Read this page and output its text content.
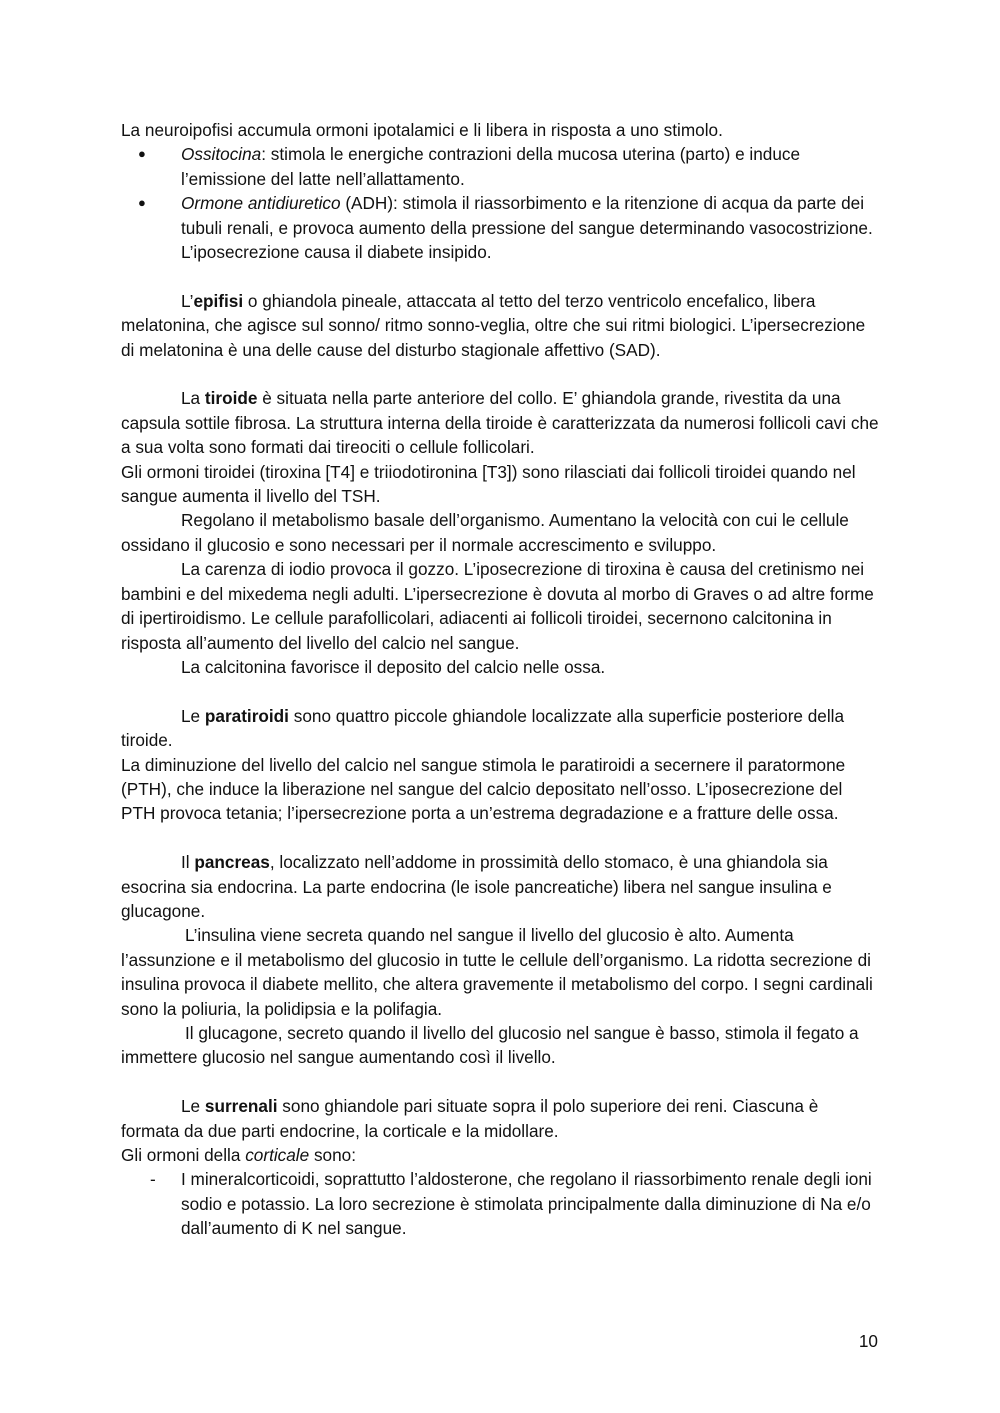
La neuroipofisi accumula ormoni ipotalamici e li libera in risposta a uno stimolo.

● Ossitocina: stimola le energiche contrazioni della mucosa uterina (parto) e induce l’emissione del latte nell’allattamento.
● Ormone antidiuretico (ADH): stimola il riassorbimento e la ritenzione di acqua da parte dei tubuli renali, e provoca aumento della pressione del sangue determinando vasocostrizione. L’iposecrezione causa il diabete insipido.

L’epifisi o ghiandola pineale, attaccata al tetto del terzo ventricolo encefalico, libera melatonina, che agisce sul sonno/ ritmo sonno-veglia, oltre che sui ritmi biologici. L’ipersecrezione di melatonina è una delle cause del disturbo stagionale affettivo (SAD).

La tiroide è situata nella parte anteriore del collo. E’ ghiandola grande, rivestita da una capsula sottile fibrosa. La struttura interna della tiroide è caratterizzata da numerosi follicoli cavi che a sua volta sono formati dai tireociti o cellule follicolari.

Gli ormoni tiroidei (tiroxina [T4] e triiodotironina [T3]) sono rilasciati dai follicoli tiroidei quando nel sangue aumenta il livello del TSH.

Regolano il metabolismo basale dell’organismo. Aumentano la velocità con cui le cellule ossidano il glucosio e sono necessari per il normale accrescimento e sviluppo.

La carenza di iodio provoca il gozzo. L’iposecrezione di tiroxina è causa del cretinismo nei bambini e del mixedema negli adulti. L’ipersecrezione è dovuta al morbo di Graves o ad altre forme di ipertiroidismo. Le cellule parafollicolari, adiacenti ai follicoli tiroidei, secernono calcitonina in risposta all’aumento del livello del calcio nel sangue.

La calcitonina favorisce il deposito del calcio nelle ossa.

Le paratiroidi sono quattro piccole ghiandole localizzate alla superficie posteriore della tiroide.

La diminuzione del livello del calcio nel sangue stimola le paratiroidi a secernere il paratormone (PTH), che induce la liberazione nel sangue del calcio depositato nell’osso. L’iposecrezione del PTH provoca tetania; l’ipersecrezione porta a un’estrema degradazione e a fratture delle ossa.

Il pancreas, localizzato nell’addome in prossimità dello stomaco, è una ghiandola sia esocrina sia endocrina. La parte endocrina (le isole pancreatiche) libera nel sangue insulina e glucagone.

L’insulina viene secreta quando nel sangue il livello del glucosio è alto. Aumenta l’assunzione e il metabolismo del glucosio in tutte le cellule dell’organismo. La ridotta secrezione di insulina provoca il diabete mellito, che altera gravemente il metabolismo del corpo. I segni cardinali sono la poliuria, la polidipsia e la polifagia.

Il glucagone, secreto quando il livello del glucosio nel sangue è basso, stimola il fegato a immettere glucosio nel sangue aumentando così il livello.

Le surrenali sono ghiandole pari situate sopra il polo superiore dei reni. Ciascuna è formata da due parti endocrine, la corticale e la midollare.

Gli ormoni della corticale sono:

- I mineralcorticoidi, soprattutto l’aldosterone, che regolano il riassorbimento renale degli ioni sodio e potassio. La loro secrezione è stimolata principalmente dalla diminuzione di Na e/o dall’aumento di K nel sangue.
10
